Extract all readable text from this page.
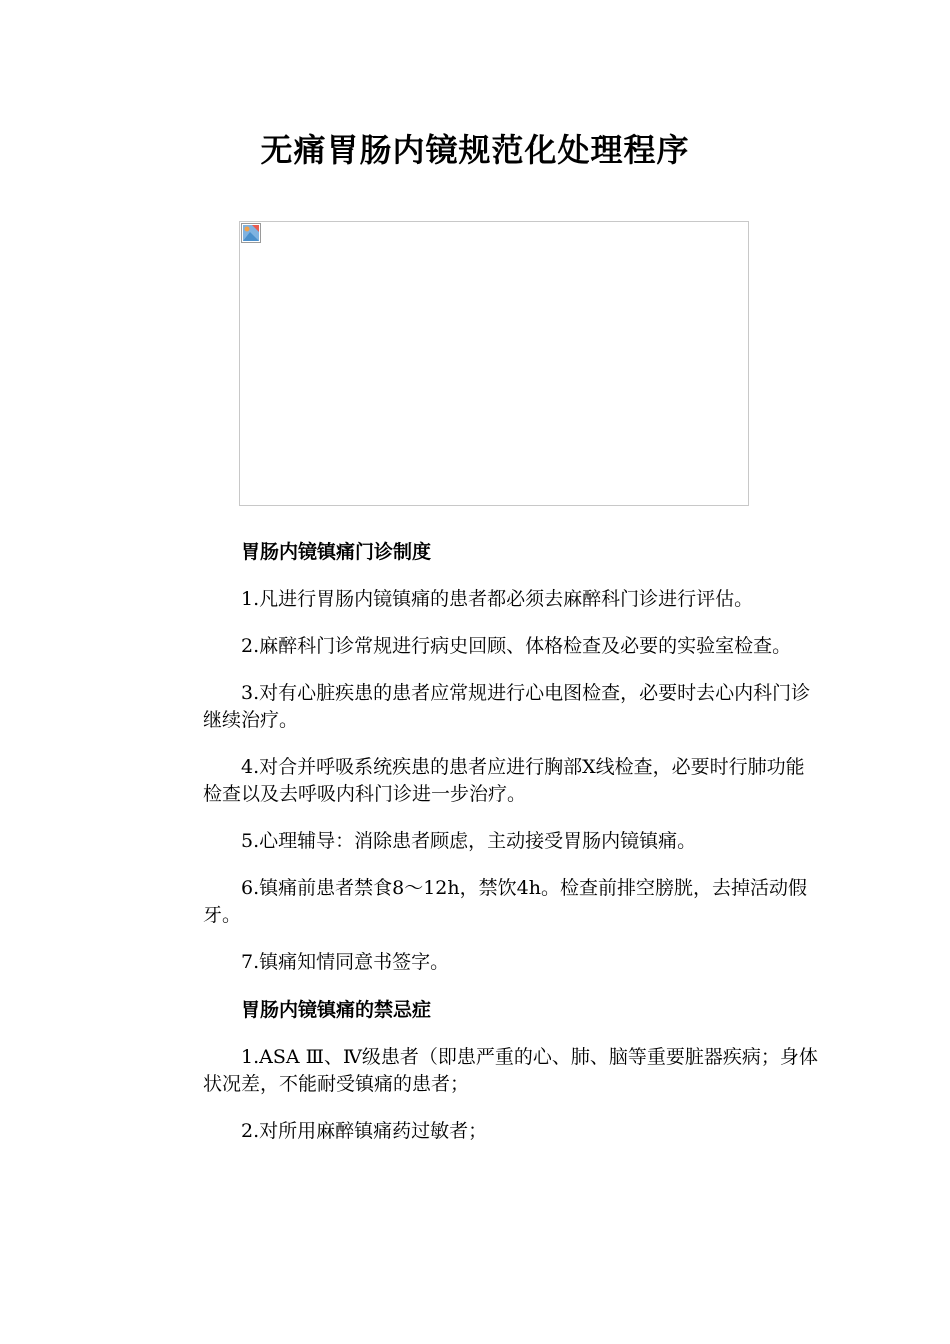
无痛胃肠内镜规范化处理程序

胃肠内镜镇痛门诊制度

1.凡进行胃肠内镜镇痛的患者都必须去麻醉科门诊进行评估。

2.麻醉科门诊常规进行病史回顾、体格检查及必要的实验室检查。

3.对有心脏疾患的患者应常规进行心电图检查，必要时去心内科门诊继续治疗。

4.对合并呼吸系统疾患的患者应进行胸部X线检查，必要时行肺功能检查以及去呼吸内科门诊进一步治疗。

5.心理辅导：消除患者顾虑，主动接受胃肠内镜镇痛。

6.镇痛前患者禁食8～12h，禁饮4h。检查前排空膀胱，去掉活动假牙。

7.镇痛知情同意书签字。

胃肠内镜镇痛的禁忌症

1.ASA Ⅲ、Ⅳ级患者（即患严重的心、肺、脑等重要脏器疾病；身体状况差，不能耐受镇痛的患者；

2.对所用麻醉镇痛药过敏者；
